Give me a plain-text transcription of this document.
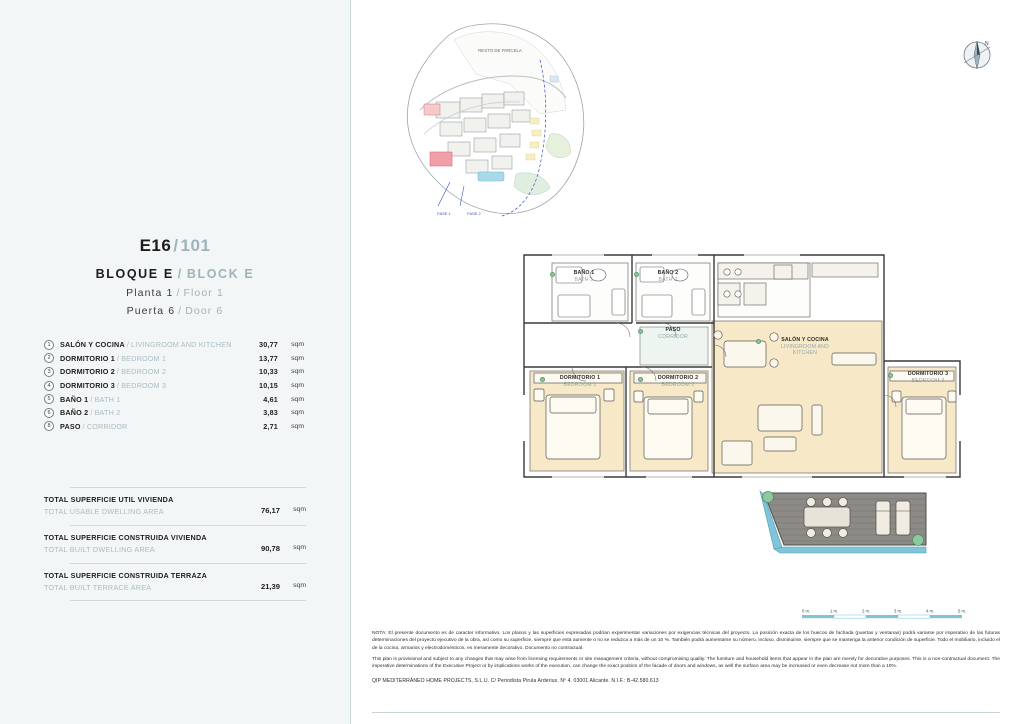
E16 / 101
BLOQUE E / BLOCK E
Planta 1 / Floor 1
Puerta 6 / Door 6
1	SALÓN Y COCINA / LIVINGROOM AND KITCHEN	30,77	sqm
2	DORMITORIO 1 / BEDROOM 1	13,77	sqm
3	DORMITORIO 2 / BEDROOM 2	10,33	sqm
4	DORMITORIO 3 / BEDROOM 3	10,15	sqm
5	BAÑO 1 / BATH 1	4,61	sqm
6	BAÑO 2 / BATH 2	3,83	sqm
8	PASO / CORRIDOR	2,71	sqm
TOTAL SUPERFICIE UTIL VIVIENDA
TOTAL USABLE DWELLING AREA	76,17	sqm
TOTAL SUPERFICIE CONSTRUIDA VIVIENDA
TOTAL BUILT DWELLING AREA	90,78	sqm
TOTAL SUPERFICIE CONSTRUIDA TERRAZA
TOTAL BUILT TERRACE AREA	21,39	sqm
RESTO DE PARCELA
FASE 1	FASE 2
N
BAÑO 1
BATH 1
BAÑO 2
BATH 2
PASO
CORRIDOR
SALÓN Y COCINA
LIVINGROOM AND
KITCHEN
DORMITORIO 1
BEDROOM 1
DORMITORIO 2
BEDROOM 2
DORMITORIO 3
BEDROOM 3
0 m.	1 m.	2 m.	3 m.	4 m.	5 m.
NOTA: El presente documento es de caracter informativo. Los planos y las superficies expresadas podrían experimentar variaciones por exigencias técnicas del proyecto. La posición exacta de los huecos de fachada (puertas y ventanas) podrá variarse por imperativo de las futuras determinaciones del proyecto ejecutivo de la obra, así como su superficie, siempre que esta aumente o no se reduzca a más de un 10 %. También podrá aumentarse su número, incluso, disminuirse, siempre que se mantenga la anterior condición de superficie. Todo el mobiliario, incluido el de la cocina, armarios y electrodomésticos, es meramente decorativo. Documento no contractual.
This plan is provisional and subject to any changes that may arise from licensing requirements or site management criteria, without compromising quality. The furniture and household items that appear in the plan are merely for decorative purposes. This is a non-contractual document. The imperative determinations of the Executive Project or by implications works of the execution, can change the exact position of the facade of doors and windows, as well the surface area may be increased or even decrease not more than a 10%.
QIP MEDITERRÁNEO HOME PROJECTS, S.L.U. C/ Periodista Pirula Arderius. Nº 4. 03001 Alicante. N.I.F.: B-42.580.613
